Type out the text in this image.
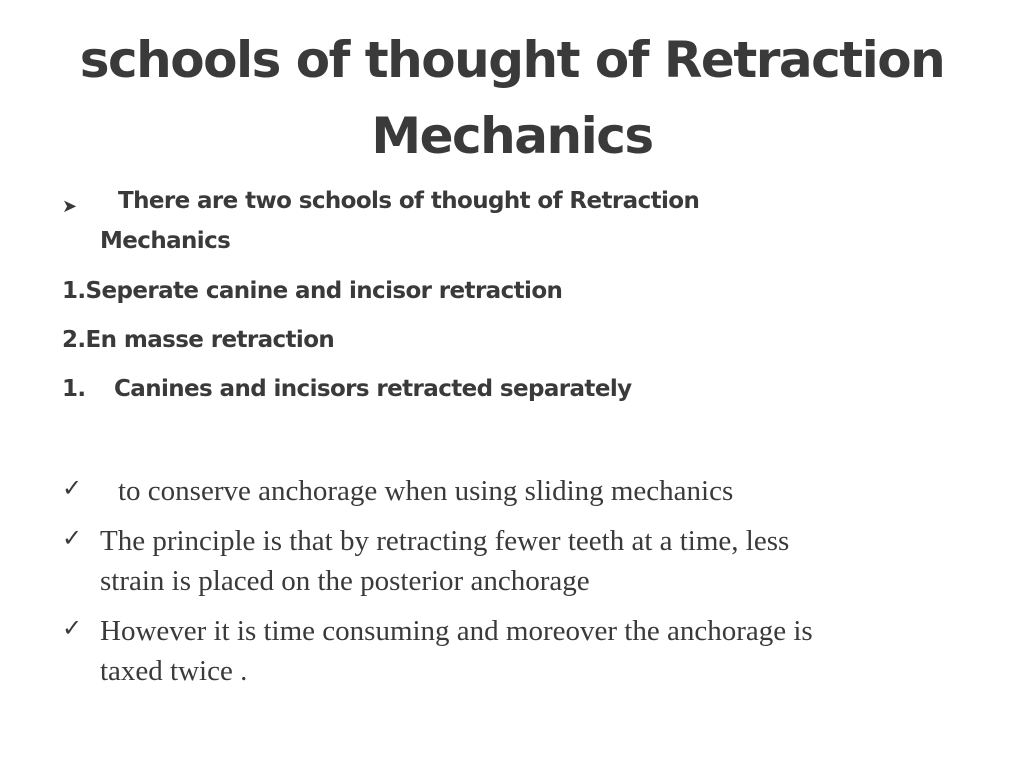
schools of thought of Retraction
Mechanics
➤ There are two schools of thought of Retraction

Mechanics

1.Seperate canine and incisor retraction

2.En masse retraction

1. Canines and incisors retracted separately

✓ to conserve anchorage when using sliding mechanics

✓ The principle is that by retracting fewer teeth at a time, less

strain is placed on the posterior anchorage

✓ However it is time consuming and moreover the anchorage is

taxed twice .
